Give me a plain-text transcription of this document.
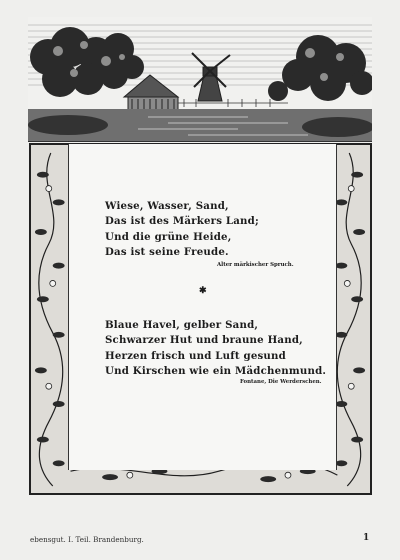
Wiese, Wasser, Sand,
Das ist des Märkers Land;
Und die grüne Heide,
Das ist seine Freude.
Alter märkischer Spruch.
✱
Blaue Havel, gelber Sand,
Schwarzer Hut und braune Hand,
Herzen frisch und Luft gesund
Und Kirschen wie ein Mädchenmund.
Fontane, Die Werderschen.
ebensgut. I. Teil. Brandenburg.	1
